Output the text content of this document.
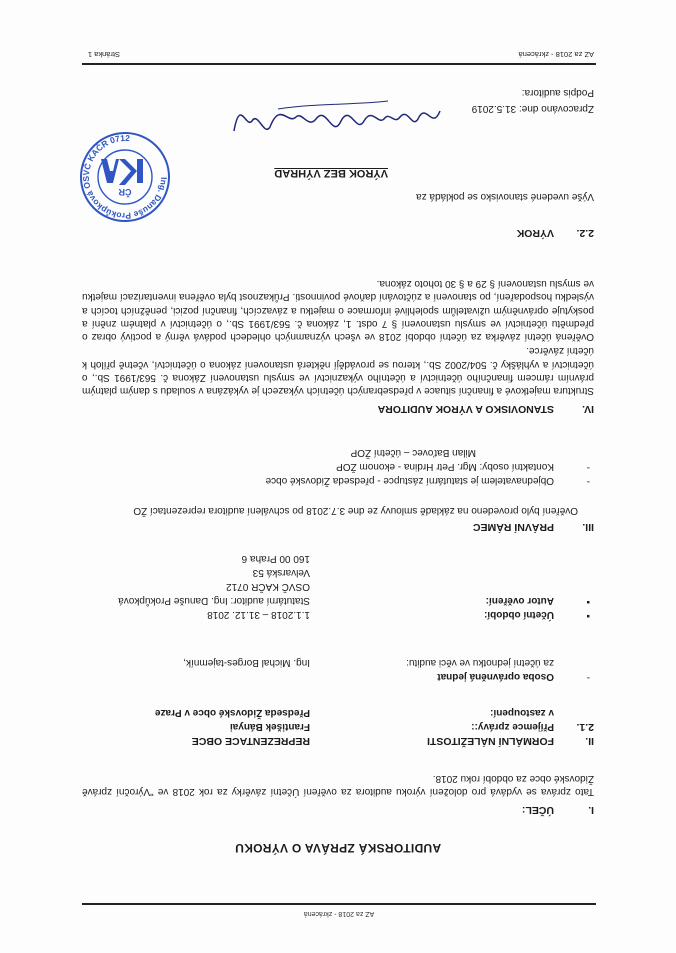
AZ za 2018 - zkrácená
AUDITORSKÁ ZPRÁVA O VÝROKU
I.
ÚČEL:
Tato zpráva se vydává pro doložení výroku auditora za ověření Účetní závěrky za rok 2018 ve "Výroční zprávě Židovské obce za období roku 2018.
II.
FORMÁLNÍ NÁLEŽITOSTI
REPREZENTACE OBCE
2.1.
Příjemce zprávy::
František Bányai
v zastoupení:
Předseda Židovské obce v Praze
-
Osoba oprávněná jednat
Ing. Michal Borges-tajemník,	za účetní jednotku ve věci auditu:
▪
Účetní období:
1.1.2018 – 31.12. 2018
▪
Autor ověření:
Statutární auditor: Ing. Danuše Prokůpková
OSVČ KAČR 0712
Velvarská 53
160 00 Praha 6
III.
PRÁVNÍ RÁMEC
Ověření bylo provedeno na základě smlouvy ze dne 3.7.2018 po schválení auditora reprezentací ŽO
-
Objednavatelem je statutární zástupce - předseda Židovské obce
-
Kontaktní osoby: Mgr. Petr Hrdina - ekonom ŽOP
Milan Baťovec – účetní ŽOP
IV.
STANOVISKO A VÝROK AUDITORA
Struktura majetkové a finanční situace v předsebraných účetních výkazech je vykázána v souladu s daným platným právním rámcem finančního účetnictví a účetního výkaznictví ve smyslu ustanovení Zákona č. 563/1991 Sb., o účetnictví a vyhlášky č. 504/2002 Sb., kterou se provádějí některá ustanovení zákona o účetnictví, včetně příloh k účetní závěrce.
Ověřená účetní závěrka za účetní období 2018 ve všech významných ohledech podává věrný a poctivý obraz o předmětu účetnictví ve smyslu ustanovení § 7 odst. 1, zákona č. 563/1991 Sb., o účetnictví v platném znění a poskytuje oprávněným uživatelům spolehlivé informace o majetku a závazcích, finanční pozici, peněžních tocích a výsledku hospodaření, po stanovení a zúčtování daňové povinnosti. Průkaznost byla ověřena inventarizací majetku ve smyslu ustanovení § 29 a § 30 tohoto zákona.
2.2.
VÝROK
Výše uvedené stanovisko se pokládá za
VÝROK BEZ VÝHRAD
Ing. Danuše Prokůpková OSVČ KAČR 0712
ČR
Zpracováno dne: 31.5.2019
Podpis auditora:
AZ za 2018 - zkrácená
Stránka 1
